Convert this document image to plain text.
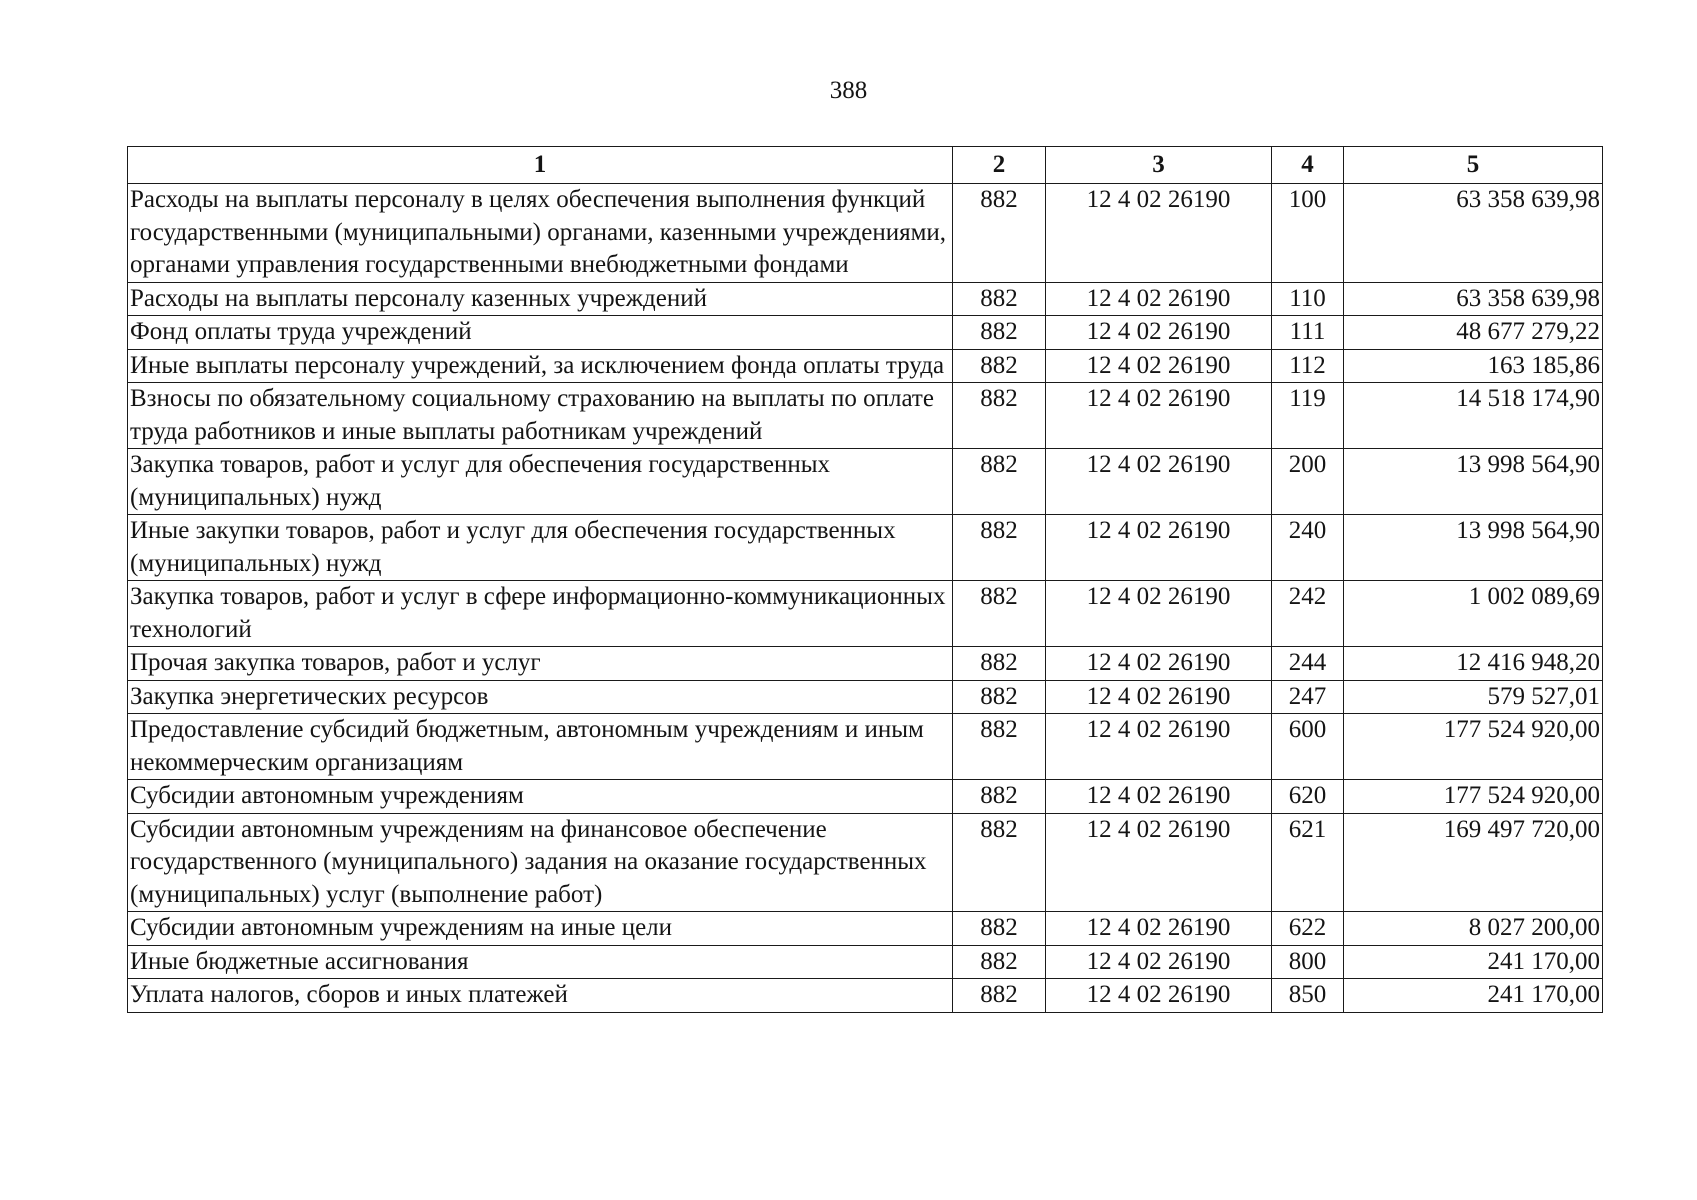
388
1	2	3	4	5
Расходы на выплаты персоналу в целях обеспечения выполнения функций государственными (муниципальными) органами, казенными учреждениями, органами управления государственными внебюджетными фондами	882	12 4 02 26190	100	63 358 639,98
Расходы на выплаты персоналу казенных учреждений	882	12 4 02 26190	110	63 358 639,98
Фонд оплаты труда учреждений	882	12 4 02 26190	111	48 677 279,22
Иные выплаты персоналу учреждений, за исключением фонда оплаты труда	882	12 4 02 26190	112	163 185,86
Взносы по обязательному социальному страхованию на выплаты по оплате труда работников и иные выплаты работникам учреждений	882	12 4 02 26190	119	14 518 174,90
Закупка товаров, работ и услуг для обеспечения государственных (муниципальных) нужд	882	12 4 02 26190	200	13 998 564,90
Иные закупки товаров, работ и услуг для обеспечения государственных (муниципальных) нужд	882	12 4 02 26190	240	13 998 564,90
Закупка товаров, работ и услуг в сфере информационно-коммуникационных технологий	882	12 4 02 26190	242	1 002 089,69
Прочая закупка товаров, работ и услуг	882	12 4 02 26190	244	12 416 948,20
Закупка энергетических ресурсов	882	12 4 02 26190	247	579 527,01
Предоставление субсидий бюджетным, автономным учреждениям и иным некоммерческим организациям	882	12 4 02 26190	600	177 524 920,00
Субсидии автономным учреждениям	882	12 4 02 26190	620	177 524 920,00
Субсидии автономным учреждениям на финансовое обеспечение государственного (муниципального) задания на оказание государственных (муниципальных) услуг (выполнение работ)	882	12 4 02 26190	621	169 497 720,00
Субсидии автономным учреждениям на иные цели	882	12 4 02 26190	622	8 027 200,00
Иные бюджетные ассигнования	882	12 4 02 26190	800	241 170,00
Уплата налогов, сборов и иных платежей	882	12 4 02 26190	850	241 170,00
